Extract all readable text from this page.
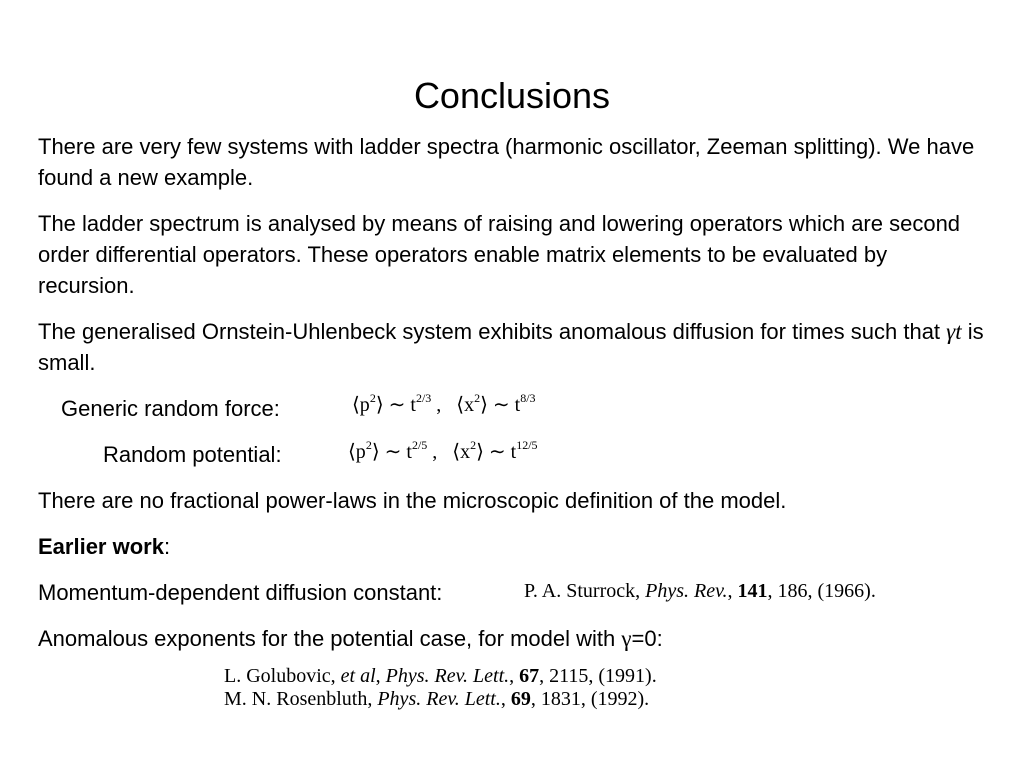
Conclusions
There are very few systems with ladder spectra (harmonic oscillator, Zeeman splitting). We have found a new example.
The ladder spectrum is analysed by means of raising and lowering operators which are second order differential operators. These operators enable matrix elements to be evaluated by recursion.
The generalised Ornstein-Uhlenbeck system exhibits anomalous diffusion for times such that γt is small.
Generic random force:	$⟨p^2⟩$ ∼ $t^{2/3}$ , $⟨x^2⟩$ ∼ $t^{8/3}$
Random potential:	$⟨p^2⟩$ ∼ $t^{2/5}$ , $⟨x^2⟩$ ∼ $t^{12/5}$
There are no fractional power-laws in the microscopic definition of the model.
Earlier work:
Momentum-dependent diffusion constant:	P. A. Sturrock, Phys. Rev., 141, 186, (1966).
Anomalous exponents for the potential case, for model with γ=0:
L. Golubovic, et al, Phys. Rev. Lett., 67, 2115, (1991).
M. N. Rosenbluth, Phys. Rev. Lett., 69, 1831, (1992).
